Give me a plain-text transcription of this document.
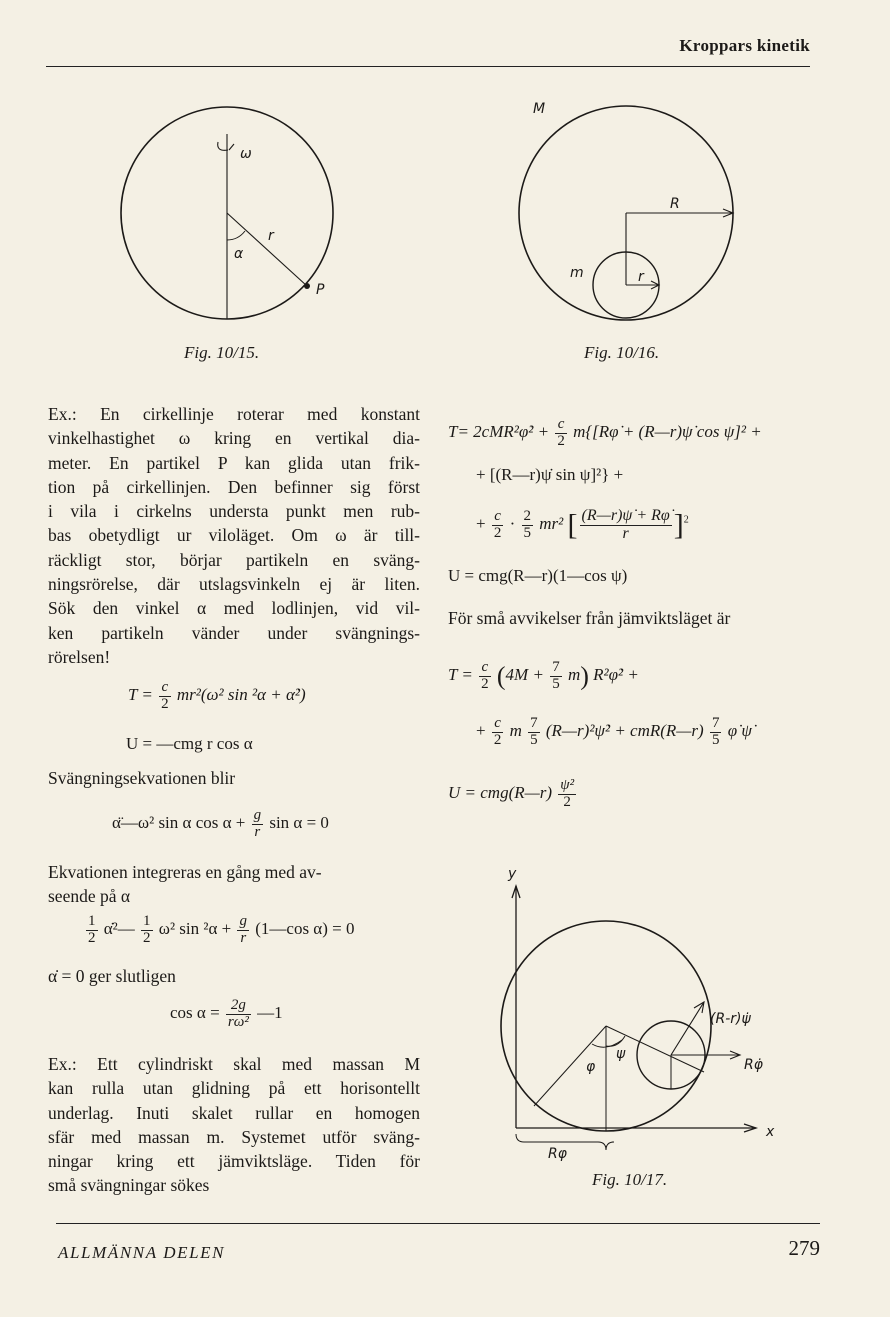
Kroppars kinetik
ω
r
α
P
Fig. 10/15.
M
R
m	r
Fig. 10/16.

Ex.: En cirkellinje roterar med konstant

vinkelhastighet ω kring en vertikal dia-

meter. En partikel P kan glida utan frik-

tion på cirkellinjen. Den befinner sig först

i vila i cirkelns understa punkt men rub-

bas obetydligt ur viloläget. Om ω är till-

räckligt stor, börjar partikeln en sväng-

ningsrörelse, där utslagsvinkeln ej är liten.

Sök den vinkel α med lodlinjen, vid vil-

ken partikeln vänder under svängnings-

rörelsen!

$T = \frac{c}{2} mr^2(\omega^2$ sin ²α + α̇²)
U = —cmg r cos α
Svängningsekvationen blir
α̈—ω² sin α $\cos \alpha + \frac{g}{r}$ sin α = 0
Ekvationen integreras en gång med av-
seende på α
$\frac{1}{2}$ α̇²— $\frac{1}{2} \omega^2$ $\sin ^2\alpha + \frac{g}{r}$ (1—cos α) = 0
α̇ = 0 ger slutligen
$\cos \alpha = \frac{2g}{\text{rω²}}$ —1

Ex.: Ett cylindriskt skal med massan M

kan rulla utan glidning på ett horisontellt

underlag. Inuti skalet rullar en homogen

sfär med massan m. Systemet utför sväng-

ningar kring ett jämviktsläge. Tiden för

små svängningar sökes

T= 2cMR²φ̇² + $\frac{c}{2}$ m{[Rφ̇ + (R—r)ψ̇ cos ψ]² +
+ [(R—r)ψ̇ sin ψ]²} +
+ $\frac{c}{2} \cdot \frac{2}{5} mr^2$ [ $\frac{(R—r)\psi̇ + R\varphi̇}{r} ]^2$
U = cmg(R—r)(1—cos ψ)
För små avvikelser från jämviktsläget är
$T = \frac{c}{2} (4M + \frac{7}{5} m)$ R²φ̇² +
+ $\frac{c}{2}$ m $\frac{7}{5}$ (R—r)²ψ̇² + cmR(R—r) $\frac{7}{5}$ φ̇ ψ̇
U = cmg(R—r) $\frac{\text{ψ²}}{2}$
y
x
φ
ψ
(R-r)ψ̇
Rφ̇
Rφ
Fig. 10/17.
ALLMÄNNA DELEN	279
